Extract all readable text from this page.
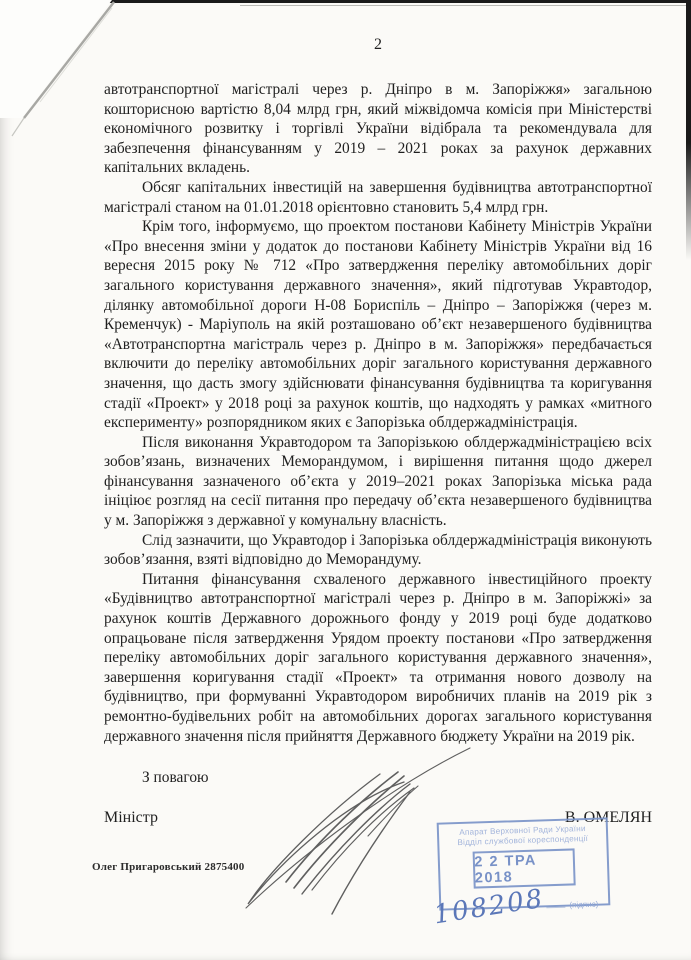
2

автотранспортної магістралі через р. Дніпро в м. Запоріжжя» загальною кошторисною вартістю 8,04 млрд грн, який міжвідомча комісія при Міністерстві економічного розвитку і торгівлі України відібрала та рекомендувала для забезпечення фінансуванням у 2019 – 2021 роках за рахунок державних капітальних вкладень.

Обсяг капітальних інвестицій на завершення будівництва автотранспортної магістралі станом на 01.01.2018 орієнтовно становить 5,4 млрд грн.

Крім того, інформуємо, що проектом постанови Кабінету Міністрів України «Про внесення зміни у додаток до постанови Кабінету Міністрів України від 16 вересня 2015 року № 712 «Про затвердження переліку автомобільних доріг загального користування державного значення», який підготував Укравтодор, ділянку автомобільної дороги Н-08 Бориспіль – Дніпро – Запоріжжя (через м. Кременчук) - Маріуполь на якій розташовано об’єкт незавершеного будівництва «Автотранспортна магістраль через р. Дніпро в м. Запоріжжя» передбачається включити до переліку автомобільних доріг загального користування державного значення, що дасть змогу здійснювати фінансування будівництва та коригування стадії «Проект» у 2018 році за рахунок коштів, що надходять у рамках «митного експерименту» розпорядником яких є Запорізька облдержадміністрація.

Після виконання Укравтодором та Запорізькою облдержадміністрацією всіх зобов’язань, визначених Меморандумом, і вирішення питання щодо джерел фінансування зазначеного об’єкта у 2019–2021 роках Запорізька міська рада ініціює розгляд на сесії питання про передачу об’єкта незавершеного будівництва у м. Запоріжжя з державної у комунальну власність.

Слід зазначити, що Укравтодор і Запорізька облдержадміністрація виконують зобов’язання, взяті відповідно до Меморандуму.

Питання фінансування схваленого державного інвестиційного проекту «Будівництво автотранспортної магістралі через р. Дніпро в м. Запоріжжі» за рахунок коштів Державного дорожнього фонду у 2019 році буде додатково опрацьоване після затвердження Урядом проекту постанови «Про затвердження переліку автомобільних доріг загального користування державного значення», завершення коригування стадії «Проект» та отримання нового дозволу на будівництво, при формуванні Укравтодором виробничих планів на 2019 рік з ремонтно-будівельних робіт на автомобільних дорогах загального користування державного значення після прийняття Державного бюджету України на 2019 рік.

З повагою
Міністр	В. ОМЕЛЯН
Олег Пригаровський 2875400
Апарат Верховної Ради України
Відділ службової кореспонденції
2 2 ТРА 2018
108208	(підпис)
